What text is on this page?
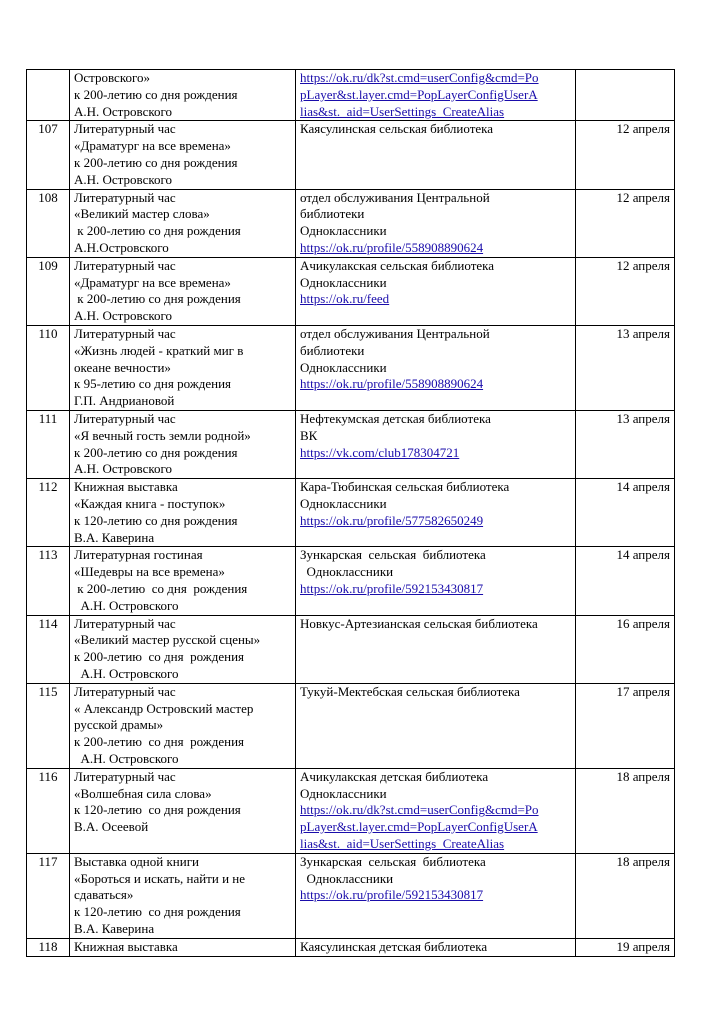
	Островского»
к 200-летию со дня рождения
А.Н. Островского	https://ok.ru/dk?st.cmd=userConfig&cmd=Po
pLayer&st.layer.cmd=PopLayerConfigUserA
lias&st._aid=UserSettings_CreateAlias	

107	Литературный час
«Драматург на все времена»
к 200-летию со дня рождения
А.Н. Островского	Каясулинская сельская библиотека	12 апреля
108	Литературный час
«Великий мастер слова»
к 200-летию со дня рождения
А.Н.Островского	отдел обслуживания Центральной
библиотеки
Одноклассники
https://ok.ru/profile/558908890624	12 апреля
109	Литературный час
«Драматург на все времена»
к 200-летию со дня рождения
А.Н. Островского	Ачикулакская сельская библиотека
Одноклассники
https://ok.ru/feed	12 апреля
110	Литературный час
«Жизнь людей - краткий миг в
океане вечности»
к 95-летию со дня рождения
Г.П. Андриановой	отдел обслуживания Центральной
библиотеки
Одноклассники
https://ok.ru/profile/558908890624	13 апреля
111	Литературный час
«Я вечный гость земли родной»
к 200-летию со дня рождения
А.Н. Островского	Нефтекумская детская библиотека
ВК
https://vk.com/club178304721	13 апреля
112	Книжная выставка
«Каждая книга - поступок»
к 120-летию со дня рождения
В.А. Каверина	Кара-Тюбинская сельская библиотека
Одноклассники
https://ok.ru/profile/577582650249	14 апреля
113	Литературная гостиная
«Шедевры на все времена»
к 200-летию  со дня  рождения
А.Н. Островского	Зункарская  сельская  библиотека
Одноклассники
https://ok.ru/profile/592153430817	14 апреля
114	Литературный час
«Великий мастер русской сцены»
к 200-летию  со дня  рождения
А.Н. Островского	Новкус-Артезианская сельская библиотека	16 апреля
115	Литературный час
« Александр Островский мастер
русской драмы»
к 200-летию  со дня  рождения
А.Н. Островского	Тукуй-Мектебская сельская библиотека	17 апреля
116	Литературный час
«Волшебная сила слова»
к 120-летию  со дня рождения
В.А. Осеевой	Ачикулакская детская библиотека
Одноклассники
https://ok.ru/dk?st.cmd=userConfig&cmd=Po
pLayer&st.layer.cmd=PopLayerConfigUserA
lias&st._aid=UserSettings_CreateAlias	18 апреля
117	Выставка одной книги
«Бороться и искать, найти и не
сдаваться»
к 120-летию  со дня рождения
В.А. Каверина	Зункарская  сельская  библиотека
Одноклассники
https://ok.ru/profile/592153430817	18 апреля
118	Книжная выставка	Каясулинская детская библиотека	19 апреля
